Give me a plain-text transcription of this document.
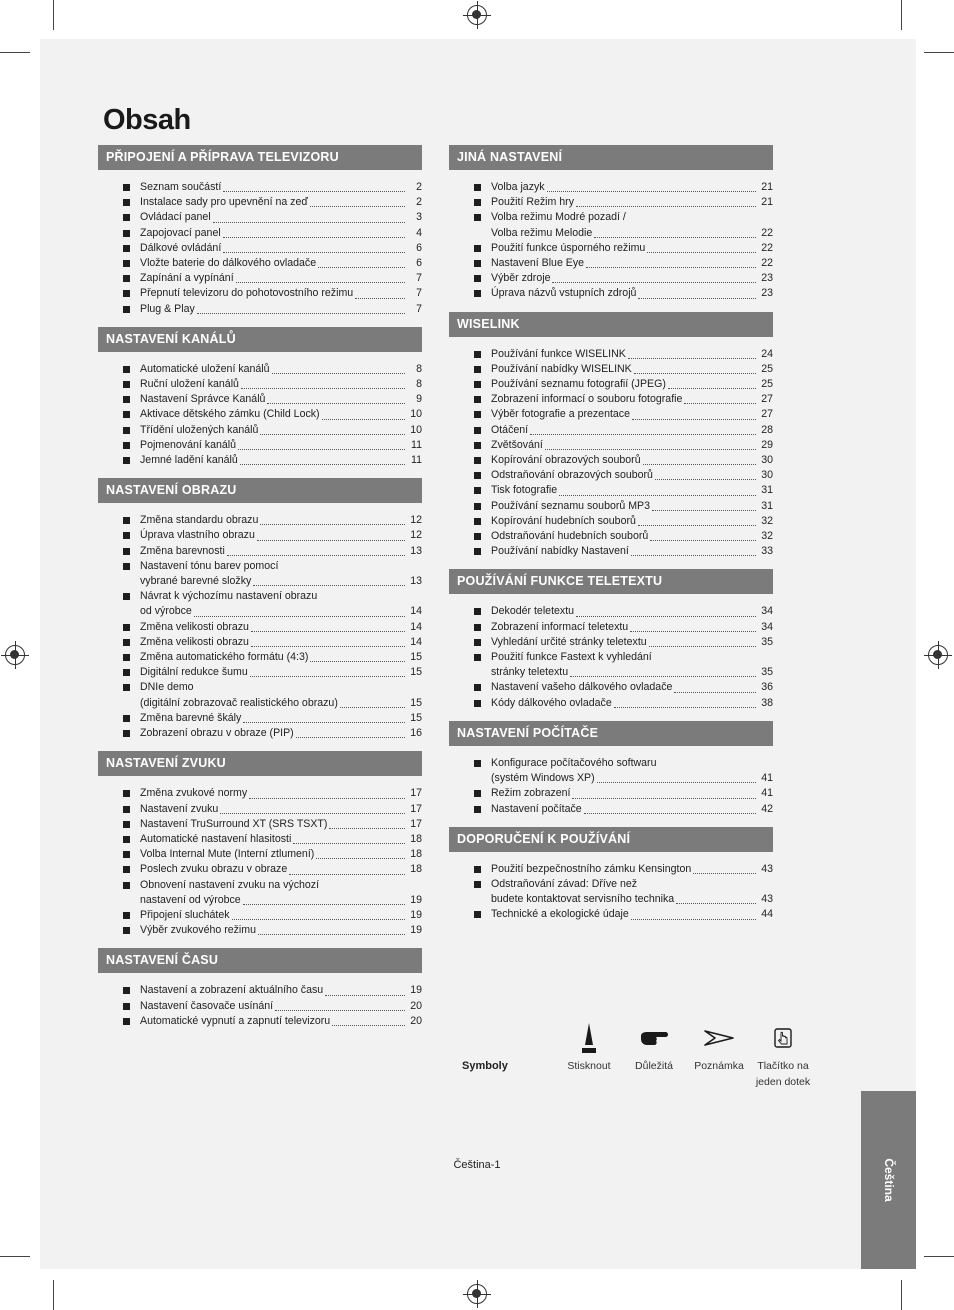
Obsah
PŘIPOJENÍ A PŘÍPRAVA TELEVIZORU
Seznam součástí	2
Instalace sady pro upevnění na zeď	2
Ovládací panel	3
Zapojovací panel	4
Dálkové ovládání	6
Vložte baterie do dálkového ovladače	6
Zapínání a vypínání	7
Přepnutí televizoru do pohotovostního režimu	7
Plug & Play	7
NASTAVENÍ KANÁLŮ
Automatické uložení kanálů	8
Ruční uložení kanálů	8
Nastavení Správce Kanálů	9
Aktivace dětského zámku (Child Lock)	10
Třídění uložených kanálů	10
Pojmenování kanálů	11
Jemné ladění kanálů	11
NASTAVENÍ OBRAZU
Změna standardu obrazu	12
Úprava vlastního obrazu	12
Změna barevnosti	13
Nastavení tónu barev pomocí
vybrané barevné složky	13
Návrat k výchozímu nastavení obrazu
od výrobce	14
Změna velikosti obrazu	14
Změna velikosti obrazu	14
Změna automatického formátu (4:3)	15
Digitální redukce šumu	15
DNIe demo
(digitální zobrazovač realistického obrazu)	15
Změna barevné škály	15
Zobrazení obrazu v obraze (PIP)	16
NASTAVENÍ ZVUKU
Změna zvukové normy	17
Nastavení zvuku	17
Nastavení TruSurround XT (SRS TSXT)	17
Automatické nastavení hlasitosti	18
Volba Internal Mute (Interní ztlumení)	18
Poslech zvuku obrazu v obraze	18
Obnovení nastavení zvuku na výchozí
nastavení od výrobce	19
Připojení sluchátek	19
Výběr zvukového režimu	19
NASTAVENÍ ČASU
Nastavení a zobrazení aktuálního času	19
Nastavení časovače usínání	20
Automatické vypnutí a zapnutí televizoru	20
JINÁ NASTAVENÍ
Volba jazyk	21
Použití Režim hry	21
Volba režimu Modré pozadí /
Volba režimu Melodie	22
Použití funkce úsporného režimu	22
Nastavení Blue Eye	22
Výběr zdroje	23
Úprava názvů vstupních zdrojů	23
WISELINK
Používání funkce WISELINK	24
Používání nabídky WISELINK	25
Používání seznamu fotografií (JPEG)	25
Zobrazení informací o souboru fotografie	27
Výběr fotografie a prezentace	27
Otáčení	28
Zvětšování	29
Kopírování obrazových souborů	30
Odstraňování obrazových souborů	30
Tisk fotografie	31
Používání seznamu souborů MP3	31
Kopírování hudebních souborů	32
Odstraňování hudebních souborů	32
Používání nabídky Nastavení	33
POUŽÍVÁNÍ FUNKCE TELETEXTU
Dekodér teletextu	34
Zobrazení informací teletextu	34
Vyhledání určité stránky teletextu	35
Použití funkce Fastext k vyhledání
stránky teletextu	35
Nastavení vašeho dálkového ovladače	36
Kódy dálkového ovladače	38
NASTAVENÍ POČÍTAČE
Konfigurace počítačového softwaru
(systém Windows XP)	41
Režim zobrazení	41
Nastavení počítače	42
DOPORUČENÍ K POUŽÍVÁNÍ
Použití bezpečnostního zámku Kensington	43
Odstraňování závad: Dříve než
budete kontaktovat servisního technika	43
Technické a ekologické údaje	44
Symboly	Stisknout	Důležitá	Poznámka	Tlačítko na jeden dotek
Čeština-1	Čeština
